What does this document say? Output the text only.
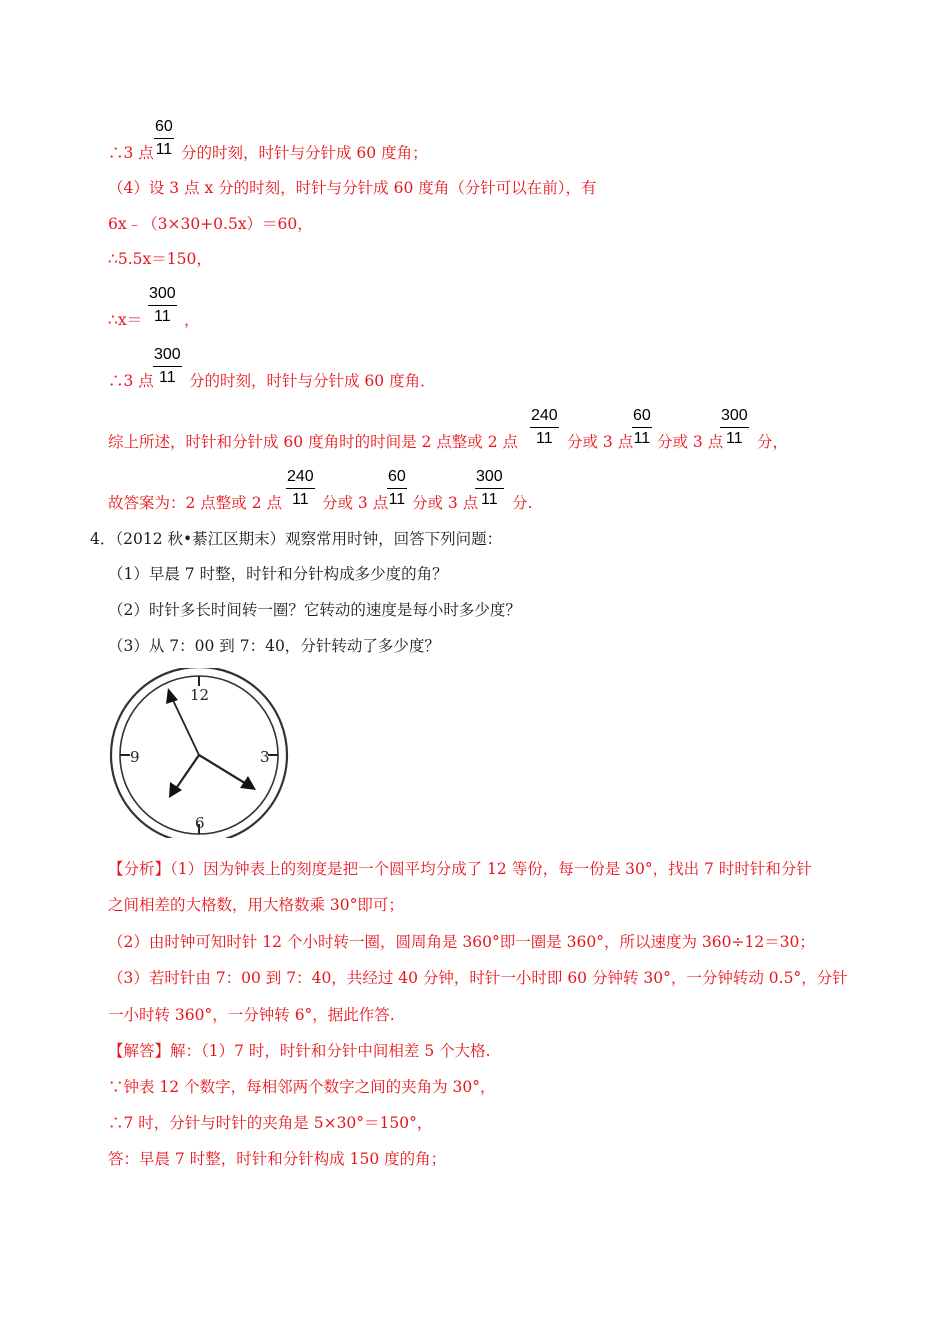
∴3 点 $\frac{60}{11}$ 分的时刻，时针与分针成 60 度角；
（4）设 3 点 x 分的时刻，时针与分针成 60 度角（分针可以在前），有
6x﹣（3×30+0.5x）＝60，
∴5.5x＝150，
∴x＝ $\frac{300}{11}$ ，
∴3 点 $\frac{300}{11}$ 分的时刻，时针与分针成 60 度角．
综上所述，时针和分针成 60 度角时的时间是 2 点整或 2 点 $\frac{240}{11}$ 分或 3 点
$\frac{60}{11}$ 分或 3 点
$\frac{300}{11}$ 分，
故答案为：2 点整或 2 点 $\frac{240}{11}$ 分或 3 点
$\frac{60}{11}$ 分或 3 点
$\frac{300}{11}$ 分.
4．（2012 秋•綦江区期末）观察常用时钟，回答下列问题：
（1）早晨 7 时整，时针和分针构成多少度的角？
（2）时针多长时间转一圈？它转动的速度是每小时多少度？
（3）从 7：00 到 7：40，分针转动了多少度？
12
3
6
9
【分析】（1）因为钟表上的刻度是把一个圆平均分成了 12 等份，每一份是 30°，找出 7 时时针和分针
之间相差的大格数，用大格数乘 30°即可；
（2）由时钟可知时针 12 个小时转一圈，圆周角是 360°即一圈是 360°，所以速度为 360÷12＝30；
（3）若时针由 7：00 到 7：40，共经过 40 分钟，时针一小时即 60 分钟转 30°，一分钟转动 0.5°，分针
一小时转 360°，一分钟转 6°，据此作答.
【解答】解：（1）7 时，时针和分针中间相差 5 个大格.
∵钟表 12 个数字，每相邻两个数字之间的夹角为 30°，
∴7 时，分针与时针的夹角是 5×30°＝150°，
答：早晨 7 时整，时针和分针构成 150 度的角；
